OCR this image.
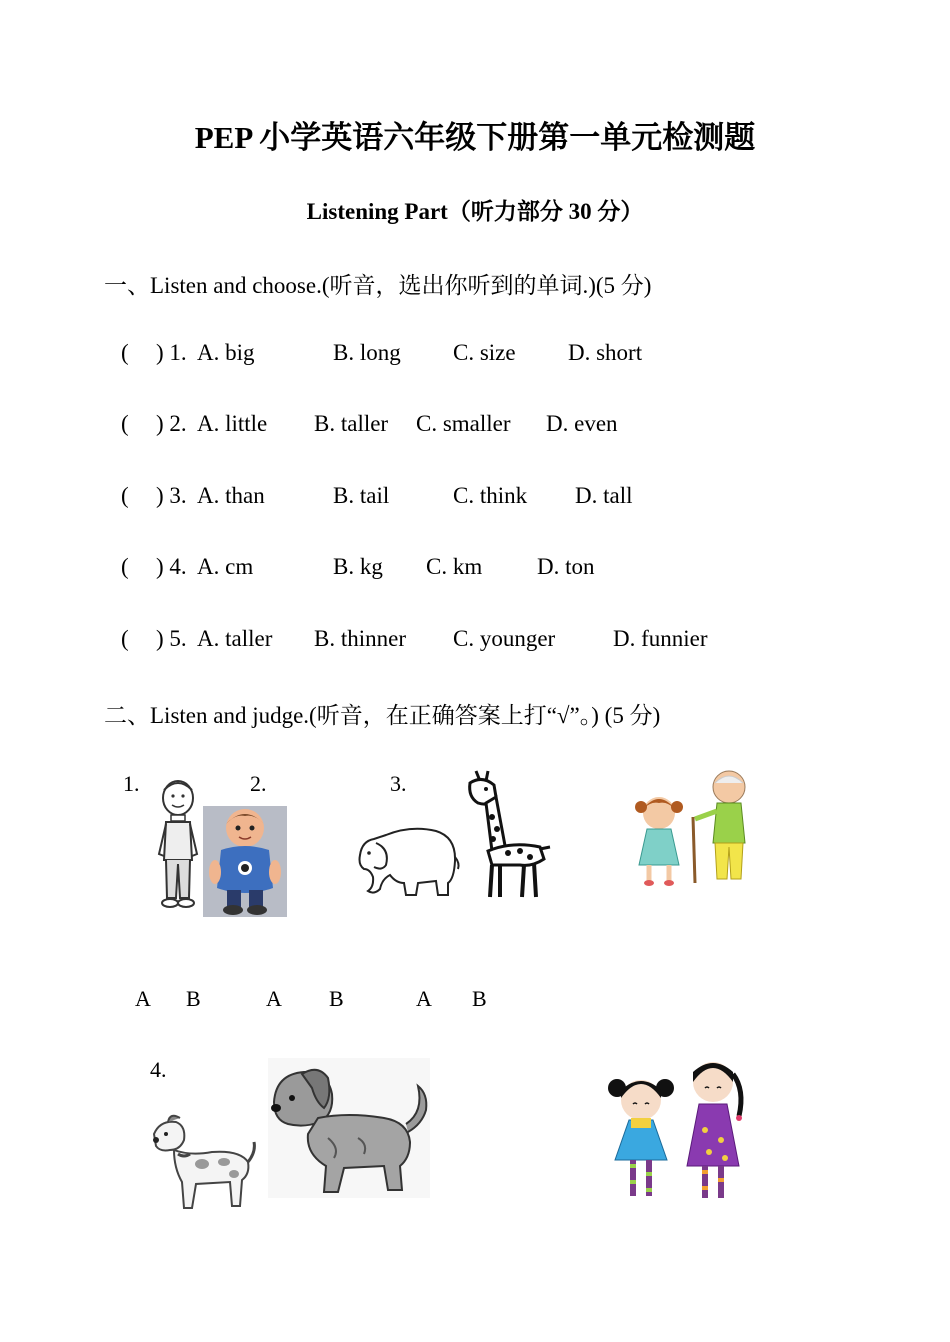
PEP 小学英语六年级下册第一单元检测题
Listening Part（听力部分 30 分）
一、Listen and choose.(听音，选出你听到的单词.)(5 分)
( ) 1. A. big	B. long C. size D. short
( ) 2. A. little B. taller C. smaller D. even
( ) 3. A. than	B. tail	C. think D. tall
( ) 4. A. cm	B. kg C. km D. ton
( ) 5. A. taller B. thinner C. younger	D. funnier
二、Listen and judge.(听音，在正确答案上打“√”。) (5 分)
1.	2.	3.
4.
A B	A B	A B
